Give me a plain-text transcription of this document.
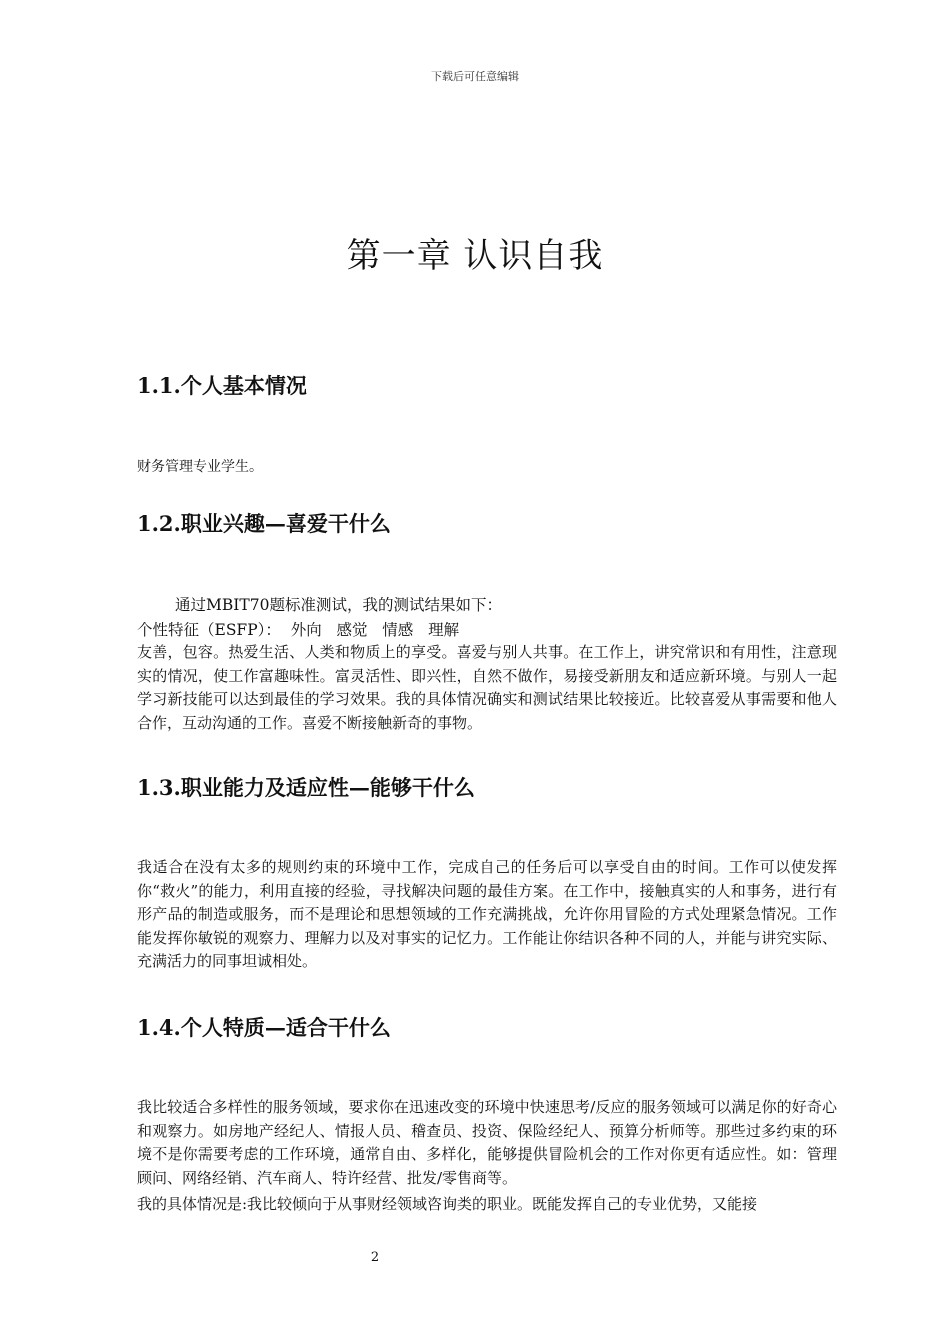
下载后可任意编辑
第一章 认识自我
1.1.个人基本情况

财务管理专业学生。

1.2.职业兴趣—喜爱干什么

通过MBIT70题标准测试，我的测试结果如下：

个性特征（ESFP）：  外向   感觉   情感   理解

友善，包容。热爱生活、人类和物质上的享受。喜爱与别人共事。在工作上，讲究常识和有用性，注意现实的情况，使工作富趣味性。富灵活性、即兴性，自然不做作，易接受新朋友和适应新环境。与别人一起学习新技能可以达到最佳的学习效果。我的具体情况确实和测试结果比较接近。比较喜爱从事需要和他人合作，互动沟通的工作。喜爱不断接触新奇的事物。

1.3.职业能力及适应性—能够干什么

我适合在没有太多的规则约束的环境中工作，完成自己的任务后可以享受自由的时间。工作可以使发挥你“救火”的能力，利用直接的经验，寻找解决问题的最佳方案。在工作中，接触真实的人和事务，进行有形产品的制造或服务，而不是理论和思想领域的工作充满挑战，允许你用冒险的方式处理紧急情况。工作能发挥你敏锐的观察力、理解力以及对事实的记忆力。工作能让你结识各种不同的人，并能与讲究实际、充满活力的同事坦诚相处。

1.4.个人特质—适合干什么

我比较适合多样性的服务领域，要求你在迅速改变的环境中快速思考/反应的服务领域可以满足你的好奇心和观察力。如房地产经纪人、情报人员、稽查员、投资、保险经纪人、预算分析师等。那些过多约束的环境不是你需要考虑的工作环境，通常自由、多样化，能够提供冒险机会的工作对你更有适应性。如：管理顾问、网络经销、汽车商人、特许经营、批发/零售商等。

我的具体情况是:我比较倾向于从事财经领域咨询类的职业。既能发挥自己的专业优势，又能接

2
